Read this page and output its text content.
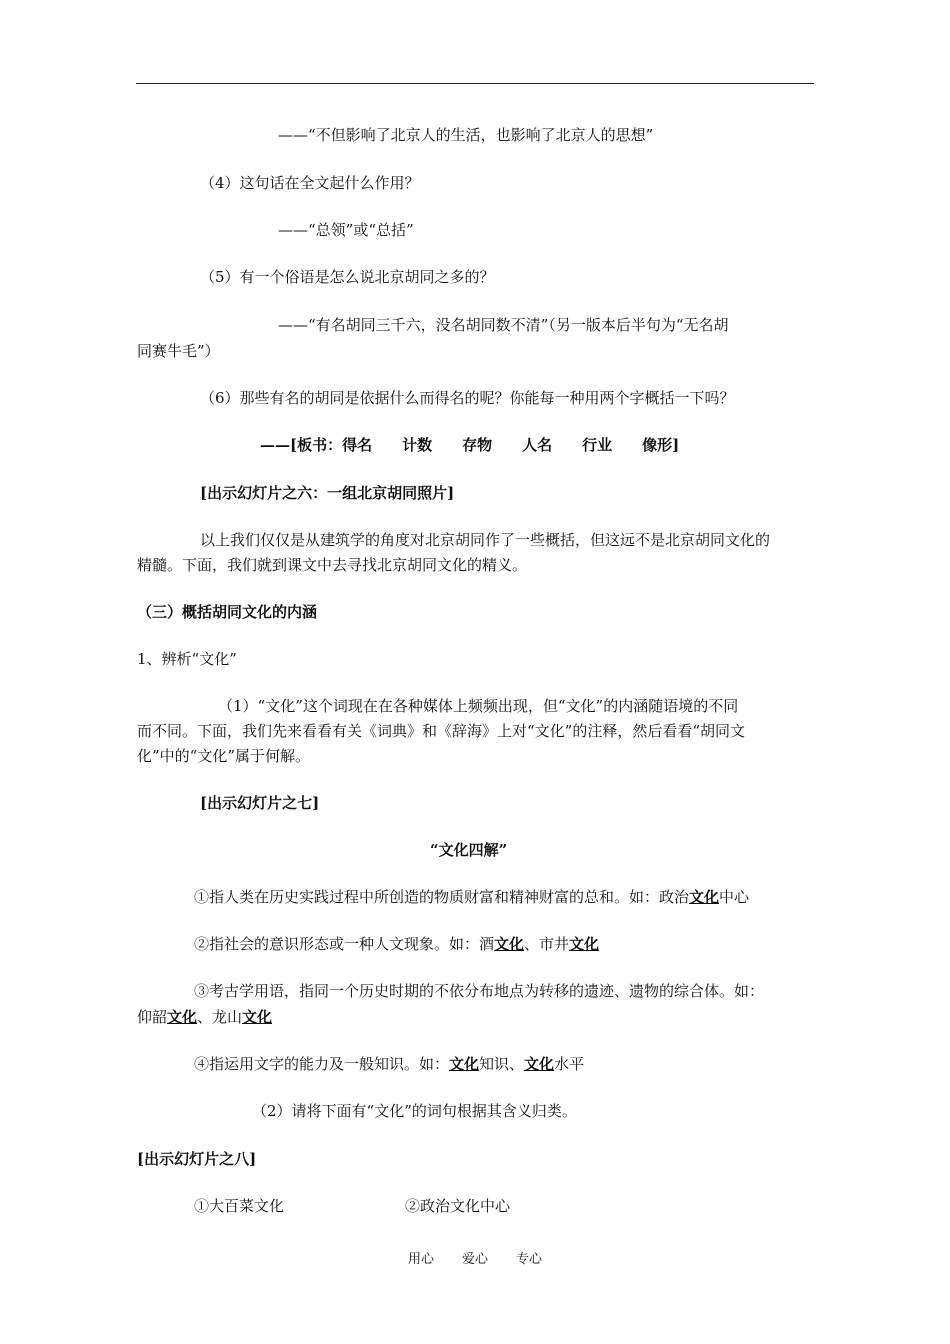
——“不但影响了北京人的生活，也影响了北京人的思想”
（4）这句话在全文起什么作用？
——“总领”或“总括”
（5）有一个俗语是怎么说北京胡同之多的？
——“有名胡同三千六，没名胡同数不清”（另一版本后半句为“无名胡
同赛牛毛”）
（6）那些有名的胡同是依据什么而得名的呢？你能每一种用两个字概括一下吗？
——[板书：得名 计数 存物 人名 行业 像形]
[出示幻灯片之六：一组北京胡同照片]
以上我们仅仅是从建筑学的角度对北京胡同作了一些概括，但这远不是北京胡同文化的
精髓。下面，我们就到课文中去寻找北京胡同文化的精义。
（三）概括胡同文化的内涵
1、辨析“文化”
（1）“文化”这个词现在在各种媒体上频频出现，但“文化”的内涵随语境的不同
而不同。下面，我们先来看看有关《词典》和《辞海》上对“文化”的注释，然后看看“胡同文
化”中的“文化”属于何解。
[出示幻灯片之七]
“文化四解”
①指人类在历史实践过程中所创造的物质财富和精神财富的总和。如：政治文化中心
②指社会的意识形态或一种人文现象。如：酒文化、市井文化
③考古学用语，指同一个历史时期的不依分布地点为转移的遗迹、遗物的综合体。如：
仰韶文化、龙山文化
④指运用文字的能力及一般知识。如：文化知识、文化水平
（2）请将下面有“文化”的词句根据其含义归类。
[出示幻灯片之八]
①大百菜文化	②政治文化中心
用心 爱心 专心
